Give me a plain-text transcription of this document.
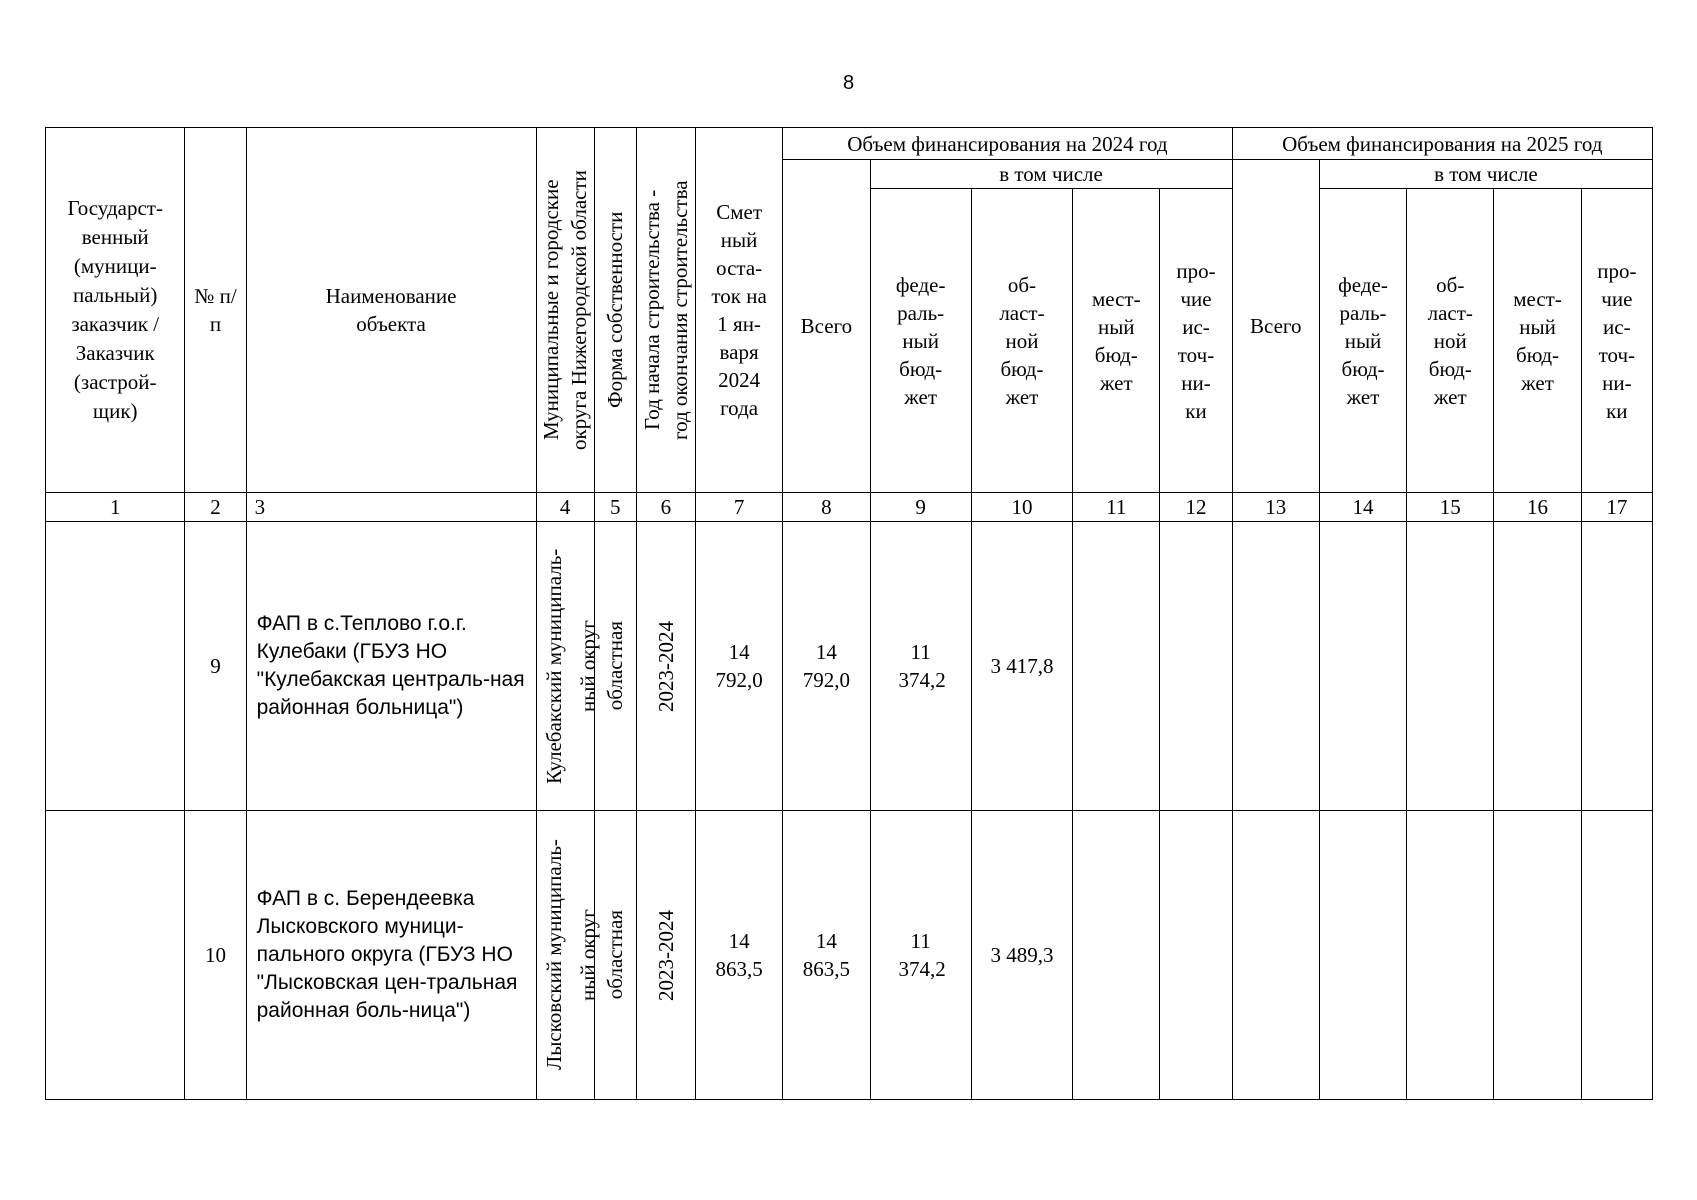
8
Государст-венный (муници-пальный) заказчик / Заказчик (застрой-щик)	№ п/п	Наименование объекта	Муниципальные и городские округа Нижегородской области	Форма собственности	Год начала строительства - год окончания строительства	Смет ный оста-ток на 1 ян-варя 2024 года	Объем финансирования на 2024 год					Объем финансирования на 2025 год				
							Всего	в том числе				Всего	в том числе			

								феде-раль-ный бюд-жет	об-ласт-ной бюд-жет	мест-ный бюд-жет	про-чие ис-точ-ни-ки		феде-раль-ный бюд-жет	об-ласт-ной бюд-жет	мест-ный бюд-жет	про-чие ис-точ-ни-ки

1	2	3	4	5	6	7	8	9	10	11	12	13	14	15	16	17
	9	ФАП в с.Теплово г.о.г. Кулебаки (ГБУЗ НО "Кулебакская централь-ная районная больница")	Кулебакский муниципаль- ный округ	областная	2023-2024	14 792,0	14 792,0	11 374,2	3 417,8							
	10	ФАП в с. Берендеевка Лысковского муници-пального округа (ГБУЗ НО "Лысковская цен-тральная районная боль-ница")	Лысковский муниципаль- ный округ	областная	2023-2024	14 863,5	14 863,5	11 374,2	3 489,3							
